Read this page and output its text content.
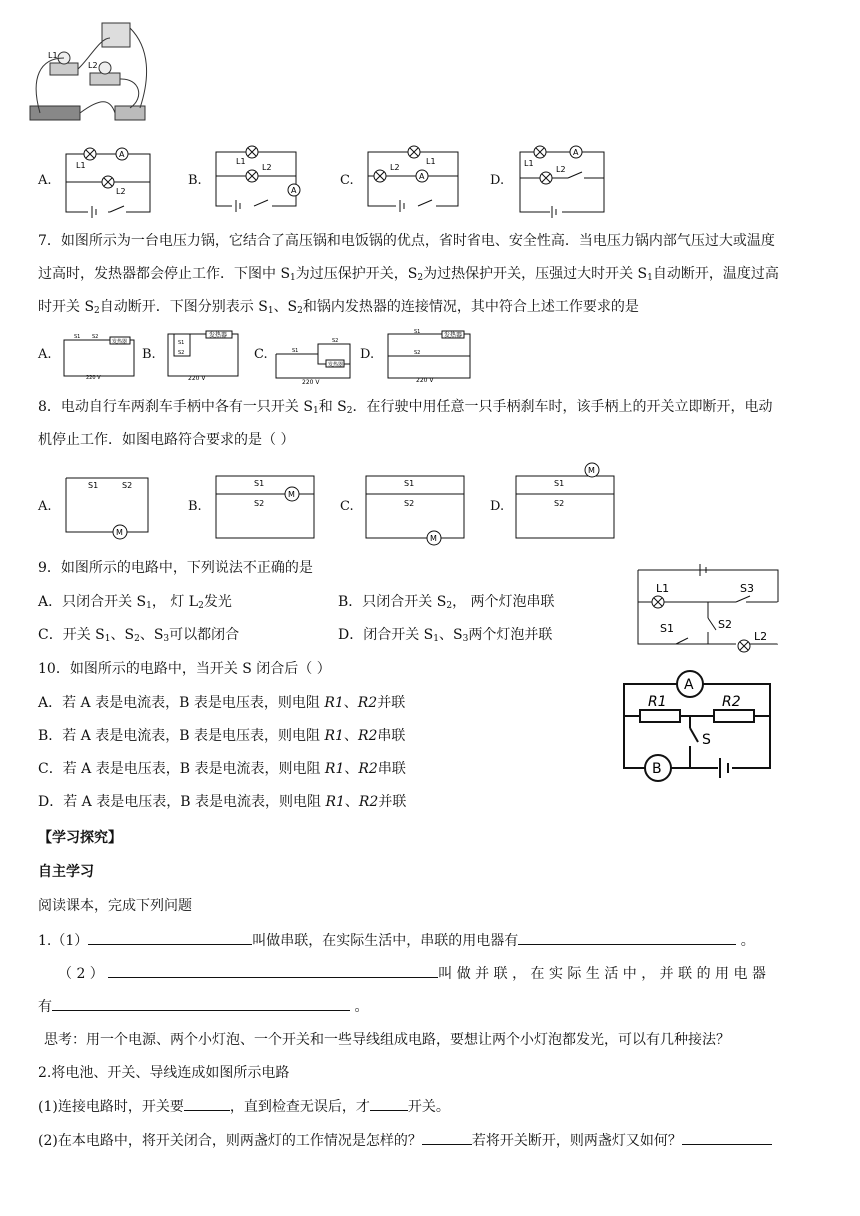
L1
L2
A.	B.	C.	D.
A
L1
L2	A
L1
L2
A
L1
L2
A
L1
L2
7．如图所示为一台电压力锅，它结合了高压锅和电饭锅的优点，省时省电、安全性高．当电压力锅内部气压过大或温度
过高时，发热器都会停止工作．下图中 $S_1$为过压保护开关，$S_2$为过热保护开关，压强过大时开关 $S_1$自动断开，温度过高
时开关 $S_2$自动断开．下图分别表示 $S_1$、$S_2$和锅内发热器的连接情况，其中符合上述工作要求的是
A.	B.	C.	D.
发热器
S1 S2
220 V
发热器
S1
S2
220 V
发热器
S1
S2
220 V
发热器
S1
S2
220 V
8．电动自行车两刹车手柄中各有一只开关 $S_1$和 $S_2$．在行驶中用任意一只手柄刹车时，该手柄上的开关立即断开，电动
机停止工作．如图电路符合要求的是（ ）
A.	B.	C.	D.
S1	S2
M
M
S1
S2
M
S1
S2
M
S1
S2
9．如图所示的电路中，下列说法不正确的是
A．只闭合开关 $S_1$， 灯 $L_2$发光	B．只闭合开关 $S_2$， 两个灯泡串联
C．开关 $S_1$、$S_2$、$S_3$可以都闭合	D．闭合开关 $S_1$、$S_3$两个灯泡并联
L1	S3
S2
S1
L2
10．如图所示的电路中，当开关 S 闭合后（ ）
A．若 A 表是电流表，B 表是电压表，则电阻 R1、R2并联
B．若 A 表是电流表，B 表是电压表，则电阻 R1、R2串联
C．若 A 表是电压表，B 表是电流表，则电阻 R1、R2串联
D．若 A 表是电压表，B 表是电流表，则电阻 R1、R2并联
R1	R2
A
B
S
【学习探究】
自主学习
阅读课本，完成下列问题
1.（1）	叫做串联，在实际生活中，串联的用电器有	。
（ 2 ）	叫 做 并 联 ， 在 实 际 生 活 中 ， 并 联 的 用 电 器
有	。
思考：用一个电源、两个小灯泡、一个开关和一些导线组成电路，要想让两个小灯泡都发光，可以有几种接法？
2.将电池、开关、导线连成如图所示电路
(1)连接电路时，开关要	，直到检查无误后，才	开关。
(2)在本电路中，将开关闭合，则两盏灯的工作情况是怎样的？	若将开关断开，则两盏灯又如何？
